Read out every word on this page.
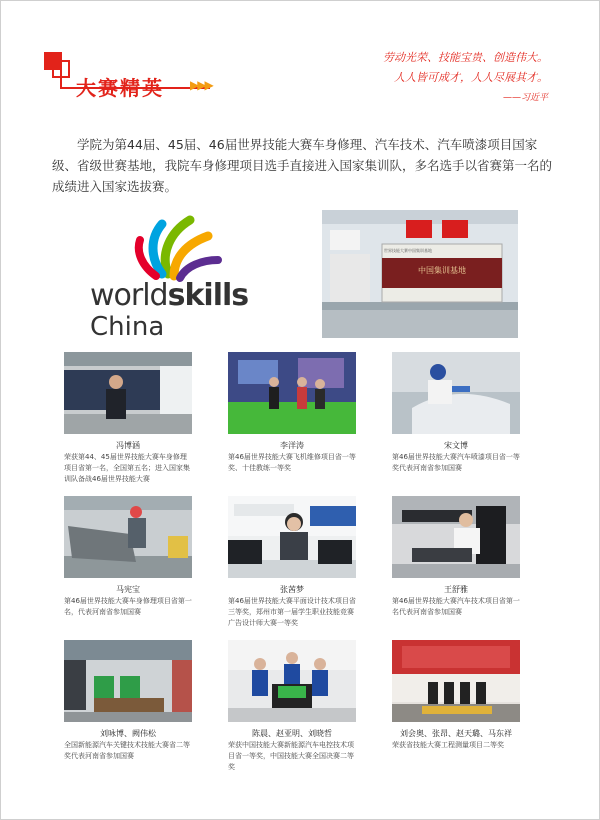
大赛精英 ▶▶▶
劳动光荣、技能宝贵、创造伟大。
人人皆可成才，人人尽展其才。
——习近平
学院为第44届、45届、46届世界技能大赛车身修理、汽车技术、汽车喷漆项目国家级、省级世赛基地，我院车身修理项目选手直接进入国家集训队，多名选手以省赛第一名的成绩进入国家选拔赛。
worldskills
China
世界技能大赛中国集训基地
中国集训基地
冯博涵
荣获第44、45届世界技能大赛车身修理项目省第一名，全国第五名；进入国家集训队备战46届世界技能大赛
李洋涛
第46届世界技能大赛飞机维修项目省一等奖、十佳教练一等奖
宋文博
第46届世界技能大赛汽车喷漆项目省一等奖代表河南省参加国赛
马宪宝
第46届世界技能大赛车身修理项目省第一名，代表河南省参加国赛
张茜梦
第46届世界技能大赛平面设计技术项目省三等奖，郑州市第一届学生职业技能竞赛广告设计师大赛一等奖
王舒雅
第46届世界技能大赛汽车技术项目省第一名代表河南省参加国赛
刘咏博、阙伟松
全国新能源汽车关键技术技能大赛省二等奖代表河南省参加国赛
陈晨、赵亚明、刘晓哲
荣获中国技能大赛新能源汽车电控技术项目省一等奖，中国技能大赛全国决赛二等奖
刘会奥、张昂、赵天璐、马东祥
荣获省技能大赛工程测量项目二等奖
